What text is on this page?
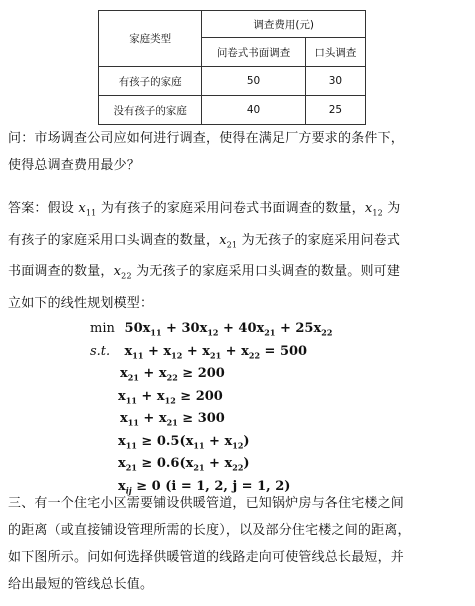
家庭类型	调查费用(元)	
	问卷式书面调查	口头调查
有孩子的家庭	50	30
没有孩子的家庭	40	25

问：市场调查公司应如何进行调查，使得在满足厂方要求的条件下，

使得总调查费用最少？

答案：假设 $x_{11}$ 为有孩子的家庭采用问卷式书面调查的数量，$x_{12}$ 为

有孩子的家庭采用口头调查的数量，$x_{21}$ 为无孩子的家庭采用问卷式

书面调查的数量，$x_{22}$ 为无孩子的家庭采用口头调查的数量。则可建

立如下的线性规划模型：

$\min 50x_{11} + 30x_{12} + 40x_{21} + 25x_{22}$
s.t. $x_{11} + x_{12} + x_{21} + x_{22} = 500$
$x_{21} + x_{22} \ge 200$
$x_{11} + x_{12} \ge 200$
$x_{11} + x_{21} \ge 300$
$x_{11} \ge 0.5(x_{11} + x_{12})$
$x_{21} \ge 0.6(x_{21} + x_{22})$
$x_{ij} \ge 0$ (i = 1, 2, j = 1, 2)

三、有一个住宅小区需要铺设供暖管道，已知锅炉房与各住宅楼之间

的距离（或直接铺设管理所需的长度），以及部分住宅楼之间的距离，

如下图所示。问如何选择供暖管道的线路走向可使管线总长最短，并

给出最短的管线总长值。
